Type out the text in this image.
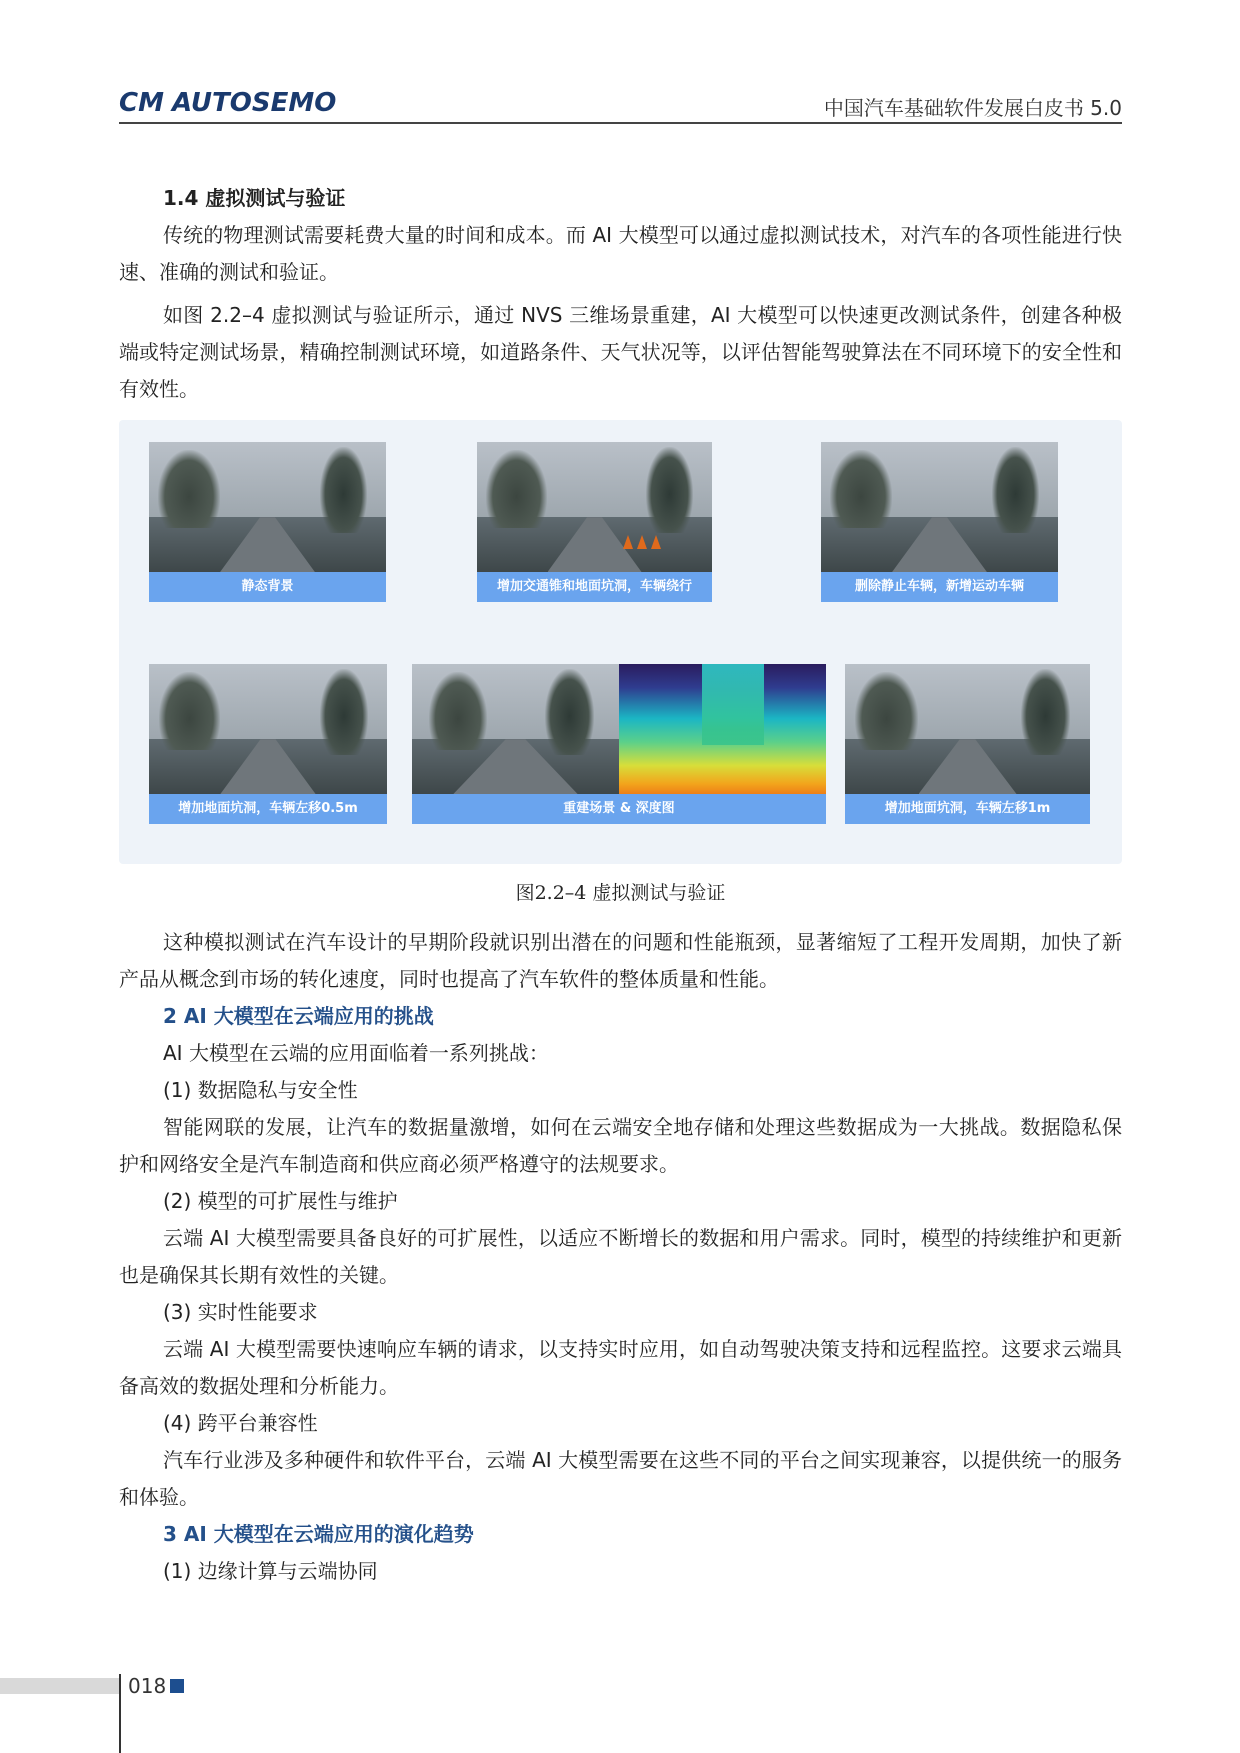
CM AUTOSEMO	中国汽车基础软件发展白皮书 5.0
1.4 虚拟测试与验证

传统的物理测试需要耗费大量的时间和成本。而 AI 大模型可以通过虚拟测试技术，对汽车的各项性能进行快速、准确的测试和验证。

如图 2.2–4 虚拟测试与验证所示，通过 NVS 三维场景重建，AI 大模型可以快速更改测试条件，创建各种极端或特定测试场景，精确控制测试环境，如道路条件、天气状况等，以评估智能驾驶算法在不同环境下的安全性和有效性。

静态背景	增加交通锥和地面坑洞，车辆绕行	删除静止车辆，新增运动车辆
增加地面坑洞，车辆左移0.5m	重建场景 & 深度图	增加地面坑洞，车辆左移1m
图2.2–4 虚拟测试与验证

这种模拟测试在汽车设计的早期阶段就识别出潜在的问题和性能瓶颈，显著缩短了工程开发周期，加快了新产品从概念到市场的转化速度，同时也提高了汽车软件的整体质量和性能。

2 AI 大模型在云端应用的挑战
AI 大模型在云端的应用面临着一系列挑战：
(1) 数据隐私与安全性

智能网联的发展，让汽车的数据量激增，如何在云端安全地存储和处理这些数据成为一大挑战。数据隐私保护和网络安全是汽车制造商和供应商必须严格遵守的法规要求。

(2) 模型的可扩展性与维护

云端 AI 大模型需要具备良好的可扩展性，以适应不断增长的数据和用户需求。同时，模型的持续维护和更新也是确保其长期有效性的关键。

(3) 实时性能要求

云端 AI 大模型需要快速响应车辆的请求，以支持实时应用，如自动驾驶决策支持和远程监控。这要求云端具备高效的数据处理和分析能力。

(4) 跨平台兼容性

汽车行业涉及多种硬件和软件平台，云端 AI 大模型需要在这些不同的平台之间实现兼容，以提供统一的服务和体验。

3 AI 大模型在云端应用的演化趋势
(1) 边缘计算与云端协同
018
